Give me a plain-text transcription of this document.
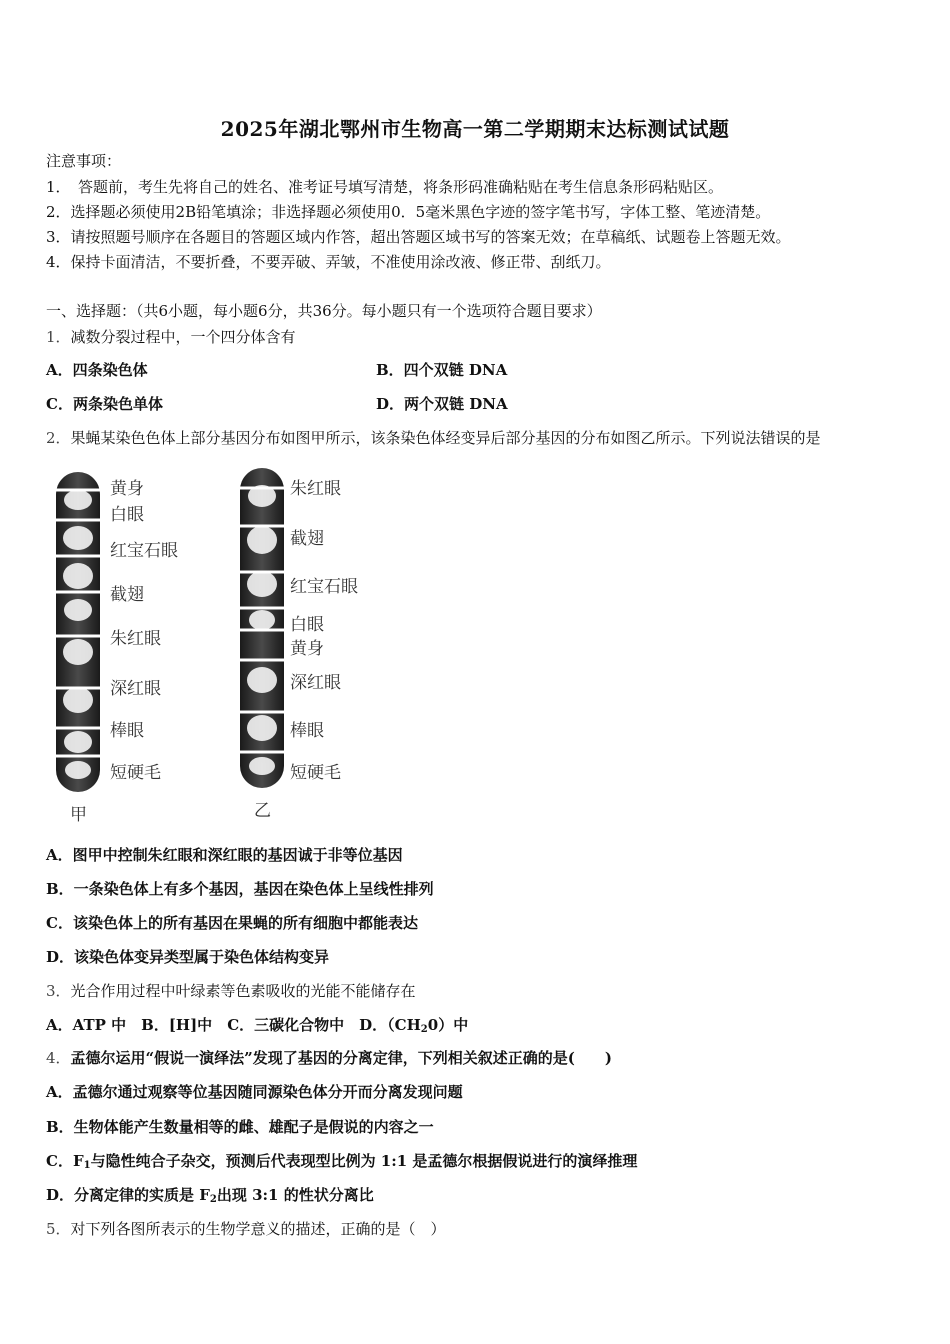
2025年湖北鄂州市生物高一第二学期期末达标测试试题
注意事项：
1．　答题前，考生先将自己的姓名、准考证号填写清楚，将条形码准确粘贴在考生信息条形码粘贴区。
2．选择题必须使用2B铅笔填涂；非选择题必须使用0．5毫米黑色字迹的签字笔书写，字体工整、笔迹清楚。
3．请按照题号顺序在各题目的答题区域内作答，超出答题区域书写的答案无效；在草稿纸、试题卷上答题无效。
4．保持卡面清洁，不要折叠，不要弄破、弄皱，不准使用涂改液、修正带、刮纸刀。
一、选择题：（共6小题，每小题6分，共36分。每小题只有一个选项符合题目要求）
1．减数分裂过程中，一个四分体含有
A．四条染色体	B．四个双链 DNA
C．两条染色单体	D．两个双链 DNA
2．果蝇某染色色体上部分基因分布如图甲所示，该条染色体经变异后部分基因的分布如图乙所示。下列说法错误的是
黄身
白眼
红宝石眼
截翅
朱红眼
深红眼
棒眼
短硬毛
朱红眼
截翅
红宝石眼
白眼
黄身
深红眼
棒眼
短硬毛
甲	乙
A．图甲中控制朱红眼和深红眼的基因诚于非等位基因
B．一条染色体上有多个基因，基因在染色体上呈线性排列
C．该染色体上的所有基因在果蝇的所有细胞中都能表达
D．该染色体变异类型属于染色体结构变异
3．光合作用过程中叶绿素等色素吸收的光能不能储存在
A．ATP 中　 B．[H]中　 C．三碳化合物中　 D．$(CH_20)$中
4．孟德尔运用“假说一演绎法”发现了基因的分离定律，下列相关叙述正确的是(　　)
A．孟德尔通过观察等位基因随同源染色体分开而分离发现问题
B．生物体能产生数量相等的雌、雄配子是假说的内容之一
C．$F_1$与隐性纯合子杂交，预测后代表现型比例为 1:1 是孟德尔根据假说进行的演绎推理
D．分离定律的实质是 $F_2$出现 3:1 的性状分离比
5．对下列各图所表示的生物学意义的描述，正确的是（　）
